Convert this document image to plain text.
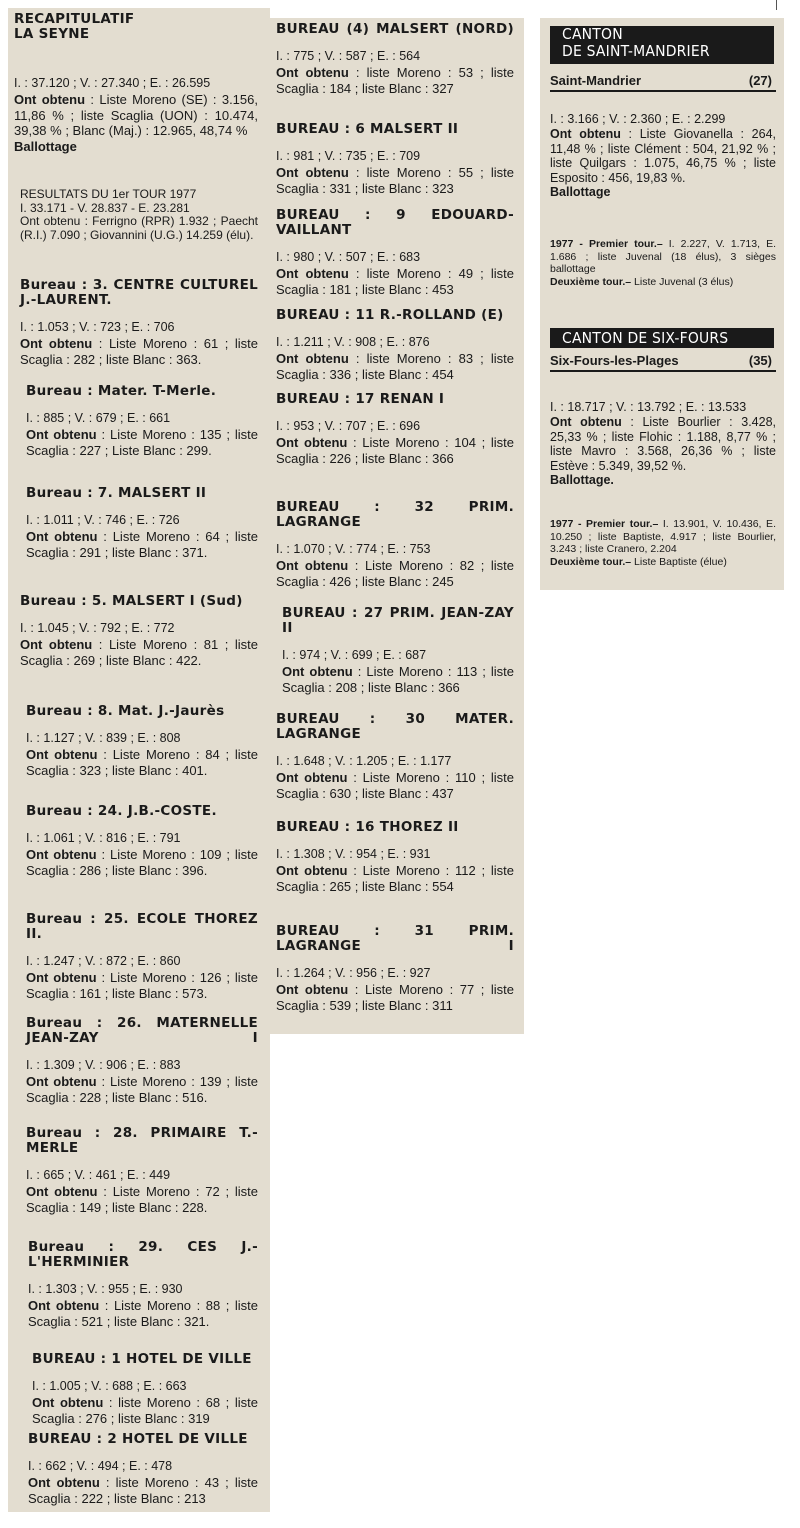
RECAPITULATIF
LA SEYNE
I. : 37.120 ; V. : 27.340 ; E. : 26.595
Ont obtenu : Liste Moreno (SE) : 3.156, 11,86 % ; liste Scaglia (UON) : 10.474, 39,38 % ; Blanc (Maj.) : 12.965, 48,74 %
Ballottage
RESULTATS DU 1er TOUR 1977
I. 33.171 - V. 28.837 - E. 23.281
Ont obtenu : Ferrigno (RPR) 1.932 ; Paecht (R.I.) 7.090 ; Giovannini (U.G.) 14.259 (élu).
Bureau : 3. CENTRE CULTUREL J.-LAURENT.
I. : 1.053 ; V. : 723 ; E. : 706
Ont obtenu : Liste Moreno : 61 ; liste Scaglia : 282 ; liste Blanc : 363.
Bureau : Mater. T-Merle.
I. : 885 ; V. : 679 ; E. : 661
Ont obtenu : Liste Moreno : 135 ; liste Scaglia : 227 ; Liste Blanc : 299.
Bureau : 7. MALSERT II
I. : 1.011 ; V. : 746 ; E. : 726
Ont obtenu : Liste Moreno : 64 ; liste Scaglia : 291 ; liste Blanc : 371.
Bureau : 5. MALSERT I (Sud)
I. : 1.045 ; V. : 792 ; E. : 772
Ont obtenu : Liste Moreno : 81 ; liste Scaglia : 269 ; liste Blanc : 422.
Bureau : 8. Mat. J.-Jaurès
I. : 1.127 ; V. : 839 ; E. : 808
Ont obtenu : Liste Moreno : 84 ; liste Scaglia : 323 ; liste Blanc : 401.
Bureau : 24. J.B.-COSTE.
I. : 1.061 ; V. : 816 ; E. : 791
Ont obtenu : Liste Moreno : 109 ; liste Scaglia : 286 ; liste Blanc : 396.
Bureau : 25. ECOLE THOREZ II.
I. : 1.247 ; V. : 872 ; E. : 860
Ont obtenu : Liste Moreno : 126 ; liste Scaglia : 161 ; liste Blanc : 573.
Bureau : 26. MATERNELLE JEAN-ZAY I
I. : 1.309 ; V. : 906 ; E. : 883
Ont obtenu : Liste Moreno : 139 ; liste Scaglia : 228 ; liste Blanc : 516.
Bureau : 28. PRIMAIRE T.-MERLE
I. : 665 ; V. : 461 ; E. : 449
Ont obtenu : Liste Moreno : 72 ; liste Scaglia : 149 ; liste Blanc : 228.
Bureau : 29. CES J.-L'HERMINIER
I. : 1.303 ; V. : 955 ; E. : 930
Ont obtenu : Liste Moreno : 88 ; liste Scaglia : 521 ; liste Blanc : 321.
BUREAU : 1 HOTEL DE VILLE
I. : 1.005 ; V. : 688 ; E. : 663
Ont obtenu : liste Moreno : 68 ; liste Scaglia : 276 ; liste Blanc : 319
BUREAU : 2 HOTEL DE VILLE
I. : 662 ; V. : 494 ; E. : 478
Ont obtenu : liste Moreno : 43 ; liste Scaglia : 222 ; liste Blanc : 213
BUREAU (4) MALSERT (NORD)
I. : 775 ; V. : 587 ; E. : 564
Ont obtenu : liste Moreno : 53 ; liste Scaglia : 184 ; liste Blanc : 327
BUREAU : 6 MALSERT II
I. : 981 ; V. : 735 ; E. : 709
Ont obtenu : liste Moreno : 55 ; liste Scaglia : 331 ; liste Blanc : 323
BUREAU : 9 EDOUARD-VAILLANT
I. : 980 ; V. : 507 ; E. : 683
Ont obtenu : liste Moreno : 49 ; liste Scaglia : 181 ; liste Blanc : 453
BUREAU : 11 R.-ROLLAND (E)
I. : 1.211 ; V. : 908 ; E. : 876
Ont obtenu : liste Moreno : 83 ; liste Scaglia : 336 ; liste Blanc : 454
BUREAU : 17 RENAN I
I. : 953 ; V. : 707 ; E. : 696
Ont obtenu : Liste Moreno : 104 ; liste Scaglia : 226 ; liste Blanc : 366
BUREAU : 32 PRIM. LAGRANGE
I. : 1.070 ; V. : 774 ; E. : 753
Ont obtenu : Liste Moreno : 82 ; liste Scaglia : 426 ; liste Blanc : 245
BUREAU : 27 PRIM. JEAN-ZAY II
I. : 974 ; V. : 699 ; E. : 687
Ont obtenu : Liste Moreno : 113 ; liste Scaglia : 208 ; liste Blanc : 366
BUREAU : 30 MATER. LAGRANGE
I. : 1.648 ; V. : 1.205 ; E. : 1.177
Ont obtenu : Liste Moreno : 110 ; liste Scaglia : 630 ; liste Blanc : 437
BUREAU : 16 THOREZ II
I. : 1.308 ; V. : 954 ; E. : 931
Ont obtenu : Liste Moreno : 112 ; liste Scaglia : 265 ; liste Blanc : 554
BUREAU : 31 PRIM. LAGRANGE I
I. : 1.264 ; V. : 956 ; E. : 927
Ont obtenu : Liste Moreno : 77 ; liste Scaglia : 539 ; liste Blanc : 311
CANTON
DE SAINT-MANDRIER
Saint-Mandrier	(27)
I. : 3.166 ; V. : 2.360 ; E. : 2.299
Ont obtenu : Liste Giovanella : 264, 11,48 % ; liste Clément : 504, 21,92 % ; liste Quilgars : 1.075, 46,75 % ; liste Esposito : 456, 19,83 %.
Ballottage
1977 - Premier tour.– I. 2.227, V. 1.713, E. 1.686 ; liste Juvenal (18 élus), 3 sièges ballottage
Deuxième tour.– Liste Juvenal (3 élus)
CANTON DE SIX-FOURS
Six-Fours-les-Plages	(35)
I. : 18.717 ; V. : 13.792 ; E. : 13.533
Ont obtenu : Liste Bourlier : 3.428, 25,33 % ; liste Flohic : 1.188, 8,77 % ; liste Mavro : 3.568, 26,36 % ; liste Estève : 5.349, 39,52 %.
Ballottage.
1977 - Premier tour.– I. 13.901, V. 10.436, E. 10.250 ; liste Baptiste, 4.917 ; liste Bourlier, 3.243 ; liste Cranero, 2.204
Deuxième tour.– Liste Baptiste (élue)
